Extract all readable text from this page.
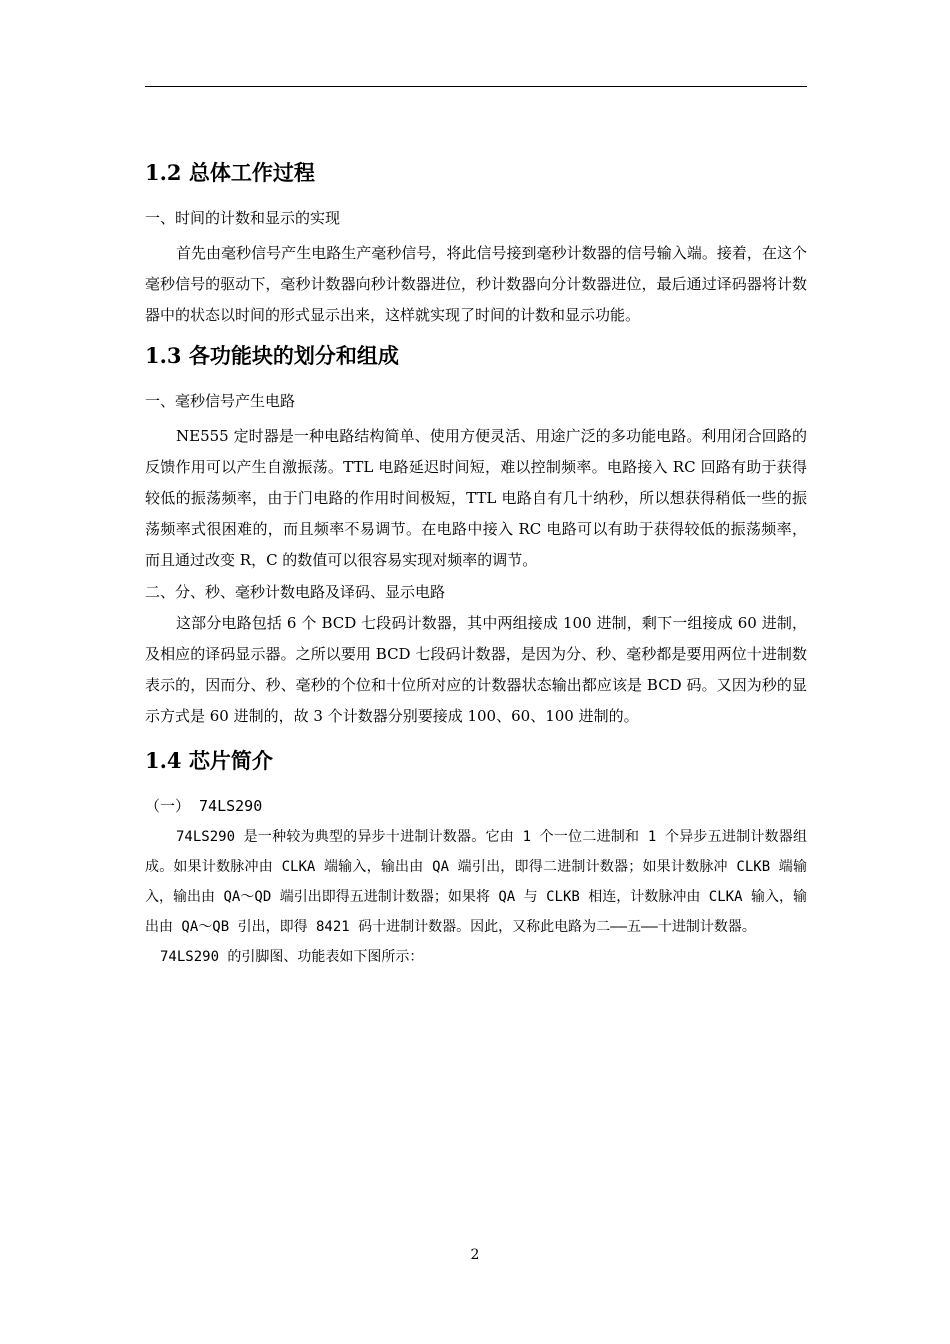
1.2 总体工作过程

一、时间的计数和显示的实现

首先由毫秒信号产生电路生产毫秒信号，将此信号接到毫秒计数器的信号输入端。接着，在这个毫秒信号的驱动下，毫秒计数器向秒计数器进位，秒计数器向分计数器进位，最后通过译码器将计数器中的状态以时间的形式显示出来，这样就实现了时间的计数和显示功能。

1.3 各功能块的划分和组成

一、毫秒信号产生电路

NE555 定时器是一种电路结构简单、使用方便灵活、用途广泛的多功能电路。利用闭合回路的反馈作用可以产生自激振荡。TTL 电路延迟时间短，难以控制频率。电路接入 RC 回路有助于获得较低的振荡频率，由于门电路的作用时间极短，TTL 电路自有几十纳秒，所以想获得稍低一些的振荡频率式很困难的，而且频率不易调节。在电路中接入 RC 电路可以有助于获得较低的振荡频率，而且通过改变 R，C 的数值可以很容易实现对频率的调节。

二、分、秒、毫秒计数电路及译码、显示电路

这部分电路包括 6 个 BCD 七段码计数器，其中两组接成 100 进制，剩下一组接成 60 进制，及相应的译码显示器。之所以要用 BCD 七段码计数器，是因为分、秒、毫秒都是要用两位十进制数表示的，因而分、秒、毫秒的个位和十位所对应的计数器状态输出都应该是 BCD 码。又因为秒的显示方式是 60 进制的，故 3 个计数器分别要接成 100、60、100 进制的。

1.4 芯片简介

（一） 74LS290

74LS290 是一种较为典型的异步十进制计数器。它由 1 个一位二进制和 1 个异步五进制计数器组成。如果计数脉冲由 CLKA 端输入，输出由 QA 端引出，即得二进制计数器；如果计数脉冲 CLKB 端输入，输出由 QA～QD 端引出即得五进制计数器；如果将 QA 与 CLKB 相连，计数脉冲由 CLKA 输入，输出由 QA～QB 引出，即得 8421 码十进制计数器。因此，又称此电路为二——五——十进制计数器。

74LS290 的引脚图、功能表如下图所示：

2
